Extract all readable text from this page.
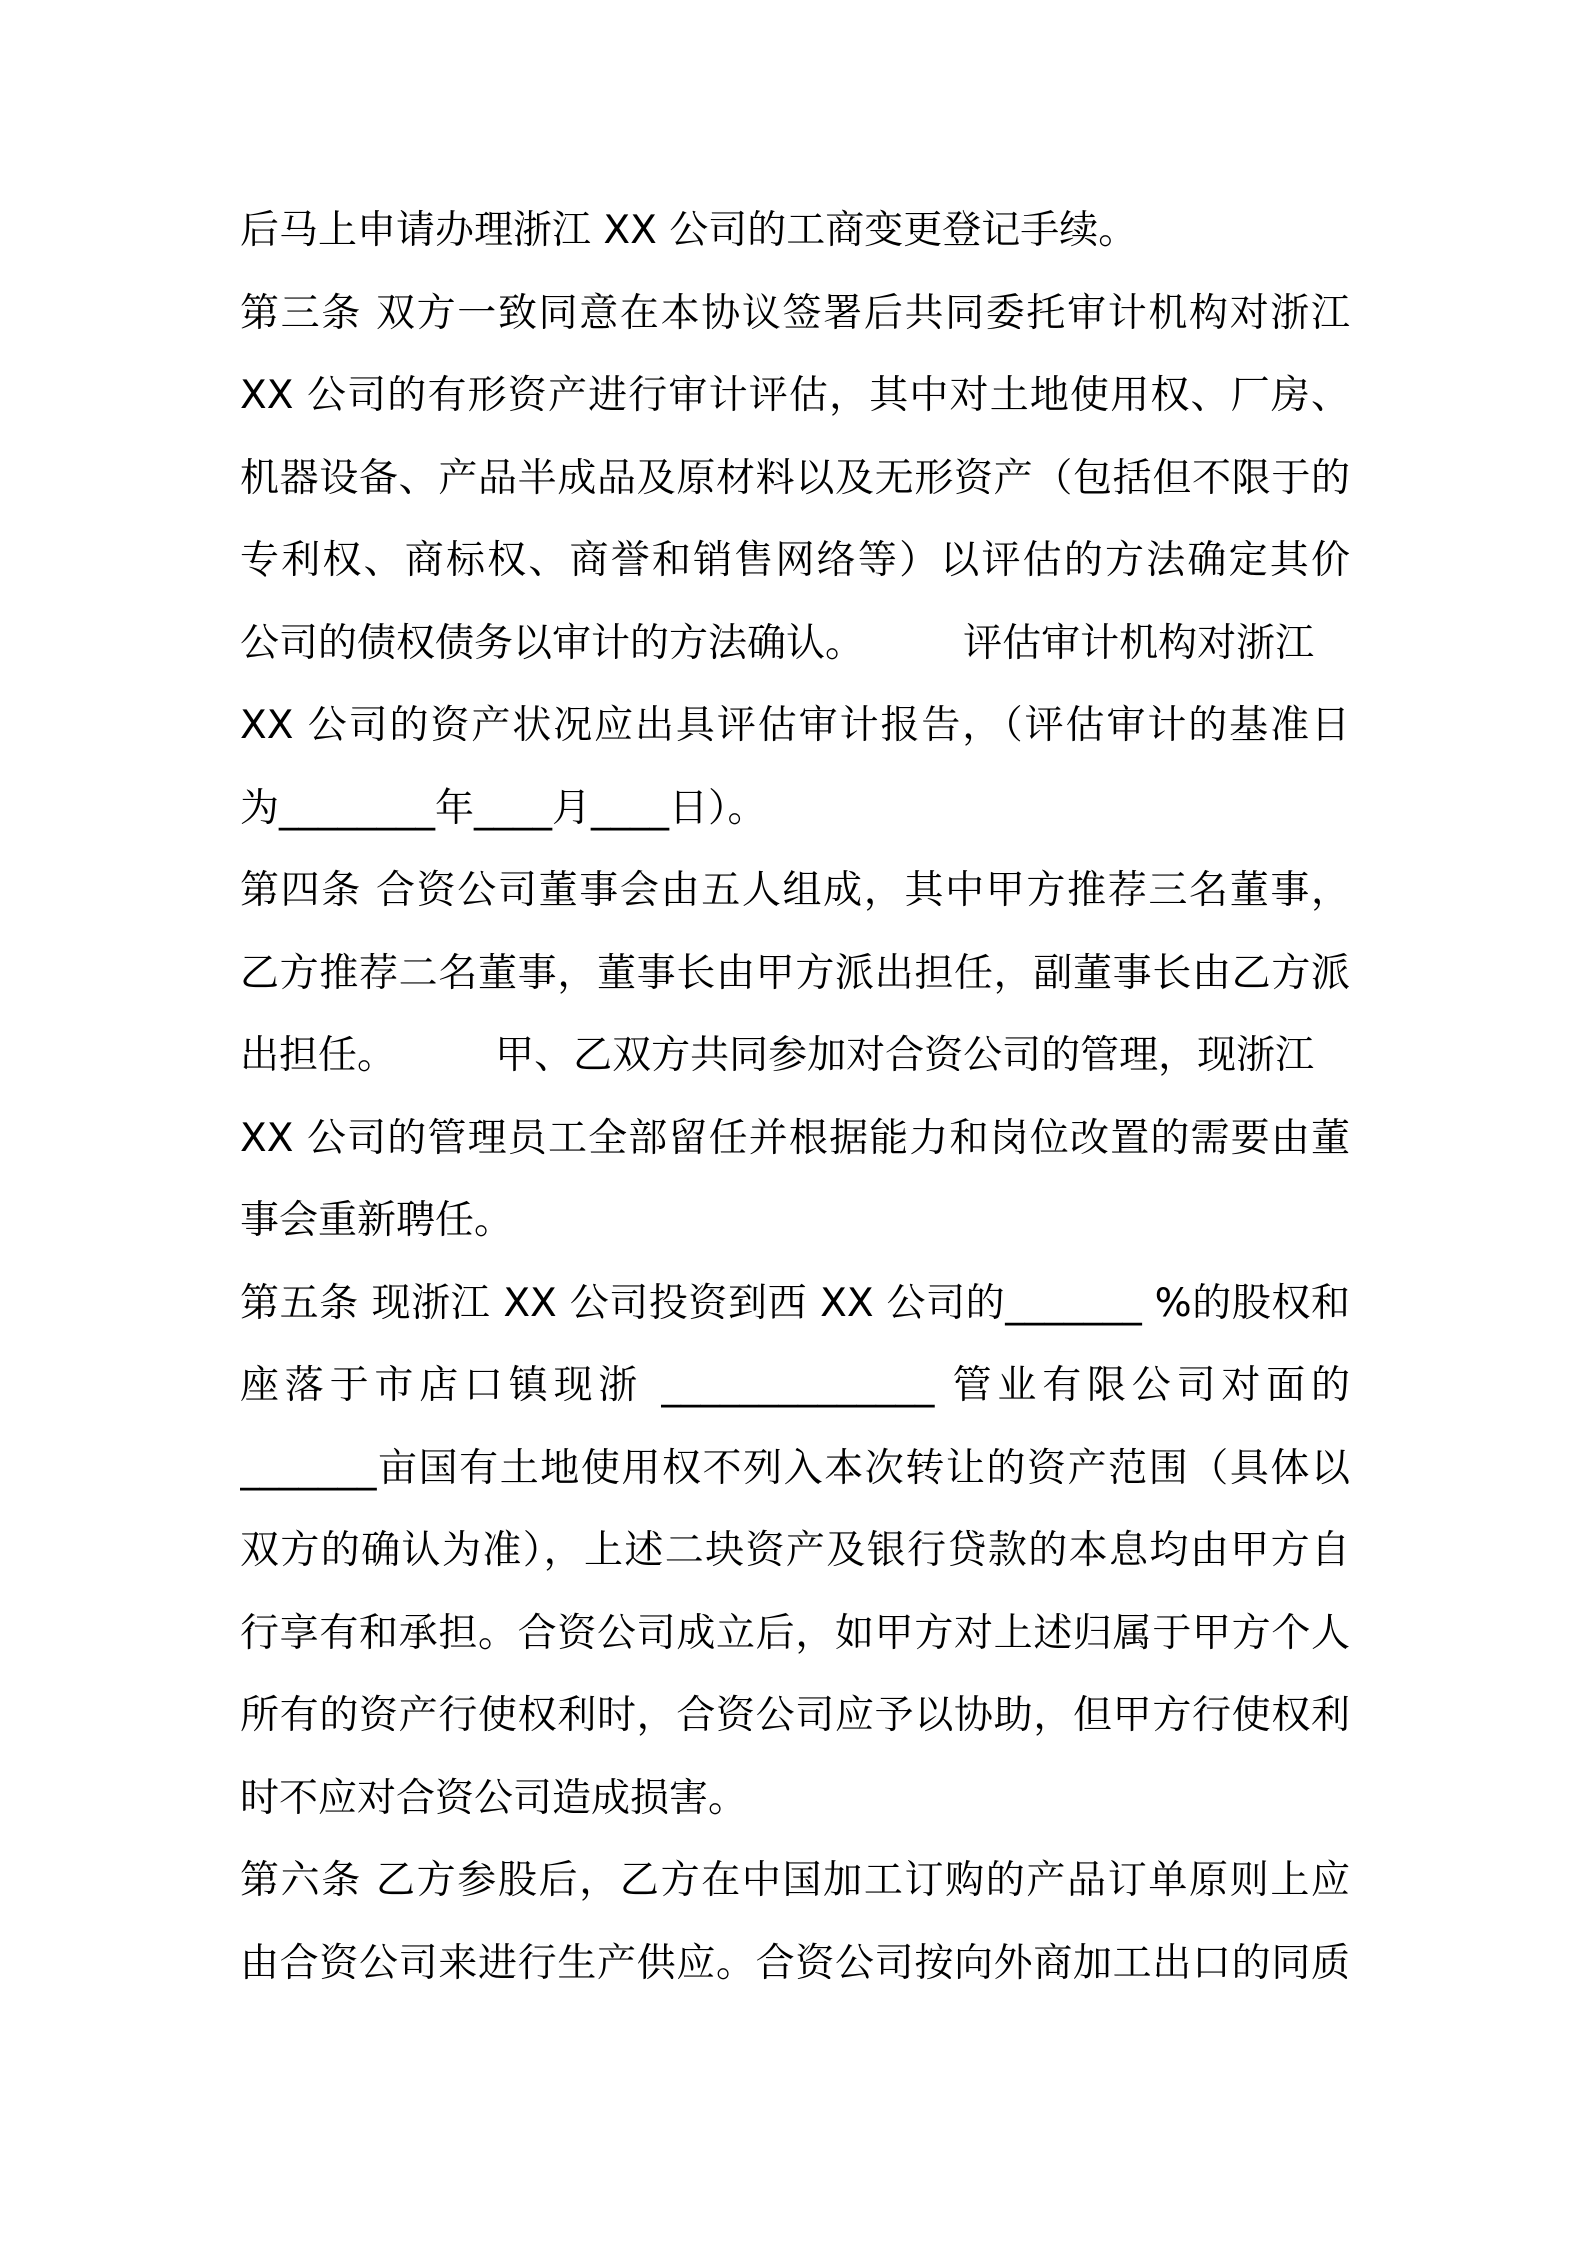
后马上申请办理浙江 XX 公司的工商变更登记手续。
第三条 双方一致同意在本协议签署后共同委托审计机构对浙江
XX 公司的有形资产进行审计评估，其中对土地使用权、厂房、
机器设备、产品半成品及原材料以及无形资产（包括但不限于的
专利权、商标权、商誉和销售网络等）以评估的方法确定其价
公司的债权债务以审计的方法确认。        评估审计机构对浙江
XX 公司的资产状况应出具评估审计报告，（评估审计的基准日
为________年____月____日）。
第四条 合资公司董事会由五人组成，其中甲方推荐三名董事，
乙方推荐二名董事，董事长由甲方派出担任，副董事长由乙方派
出担任。        甲、乙双方共同参加对合资公司的管理，现浙江
XX 公司的管理员工全部留任并根据能力和岗位改置的需要由董
事会重新聘任。
第五条 现浙江 XX 公司投资到西 XX 公司的_______ %的股权和
座落于市店口镇现浙 ______________ 管业有限公司对面的
_______亩国有土地使用权不列入本次转让的资产范围（具体以
双方的确认为准），上述二块资产及银行贷款的本息均由甲方自
行享有和承担。合资公司成立后，如甲方对上述归属于甲方个人
所有的资产行使权利时，合资公司应予以协助，但甲方行使权利
时不应对合资公司造成损害。
第六条 乙方参股后，乙方在中国加工订购的产品订单原则上应
由合资公司来进行生产供应。合资公司按向外商加工出口的同质
